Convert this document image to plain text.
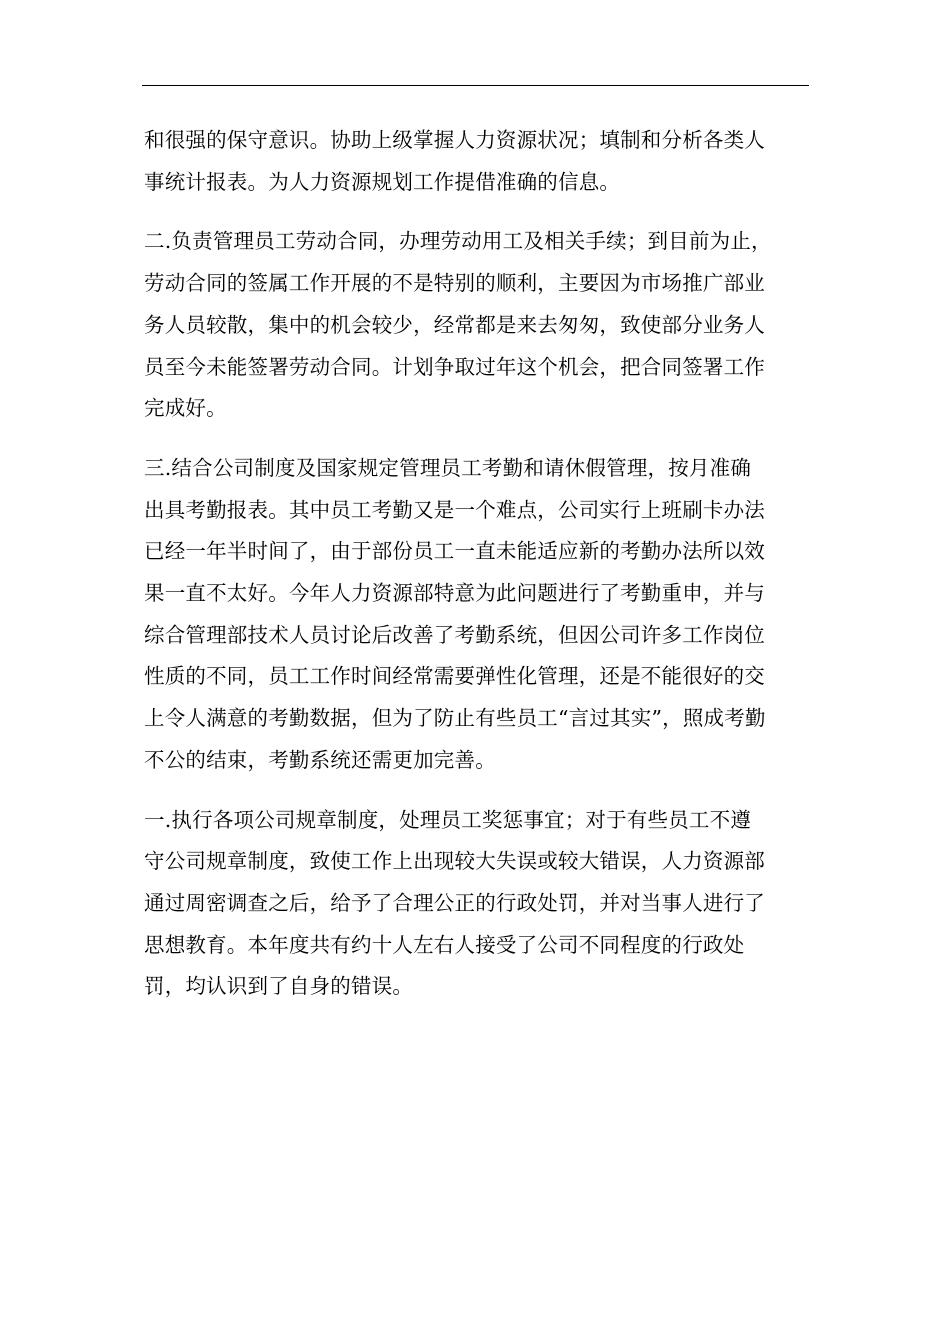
和很强的保守意识。协助上级掌握人力资源状况；填制和分析各类人
事统计报表。为人力资源规划工作提借准确的信息。

二.负责管理员工劳动合同，办理劳动用工及相关手续；到目前为止，
劳动合同的签属工作开展的不是特别的顺利，主要因为市场推广部业
务人员较散，集中的机会较少，经常都是来去匆匆，致使部分业务人
员至今未能签署劳动合同。计划争取过年这个机会，把合同签署工作
完成好。

三.结合公司制度及国家规定管理员工考勤和请休假管理，按月准确
出具考勤报表。其中员工考勤又是一个难点，公司实行上班刷卡办法
已经一年半时间了，由于部份员工一直未能适应新的考勤办法所以效
果一直不太好。今年人力资源部特意为此问题进行了考勤重申，并与
综合管理部技术人员讨论后改善了考勤系统，但因公司许多工作岗位
性质的不同，员工工作时间经常需要弹性化管理，还是不能很好的交
上令人满意的考勤数据，但为了防止有些员工“言过其实”，照成考勤
不公的结束，考勤系统还需更加完善。

一.执行各项公司规章制度，处理员工奖惩事宜；对于有些员工不遵
守公司规章制度，致使工作上出现较大失误或较大错误，人力资源部
通过周密调查之后，给予了合理公正的行政处罚，并对当事人进行了
思想教育。本年度共有约十人左右人接受了公司不同程度的行政处
罚，均认识到了自身的错误。
